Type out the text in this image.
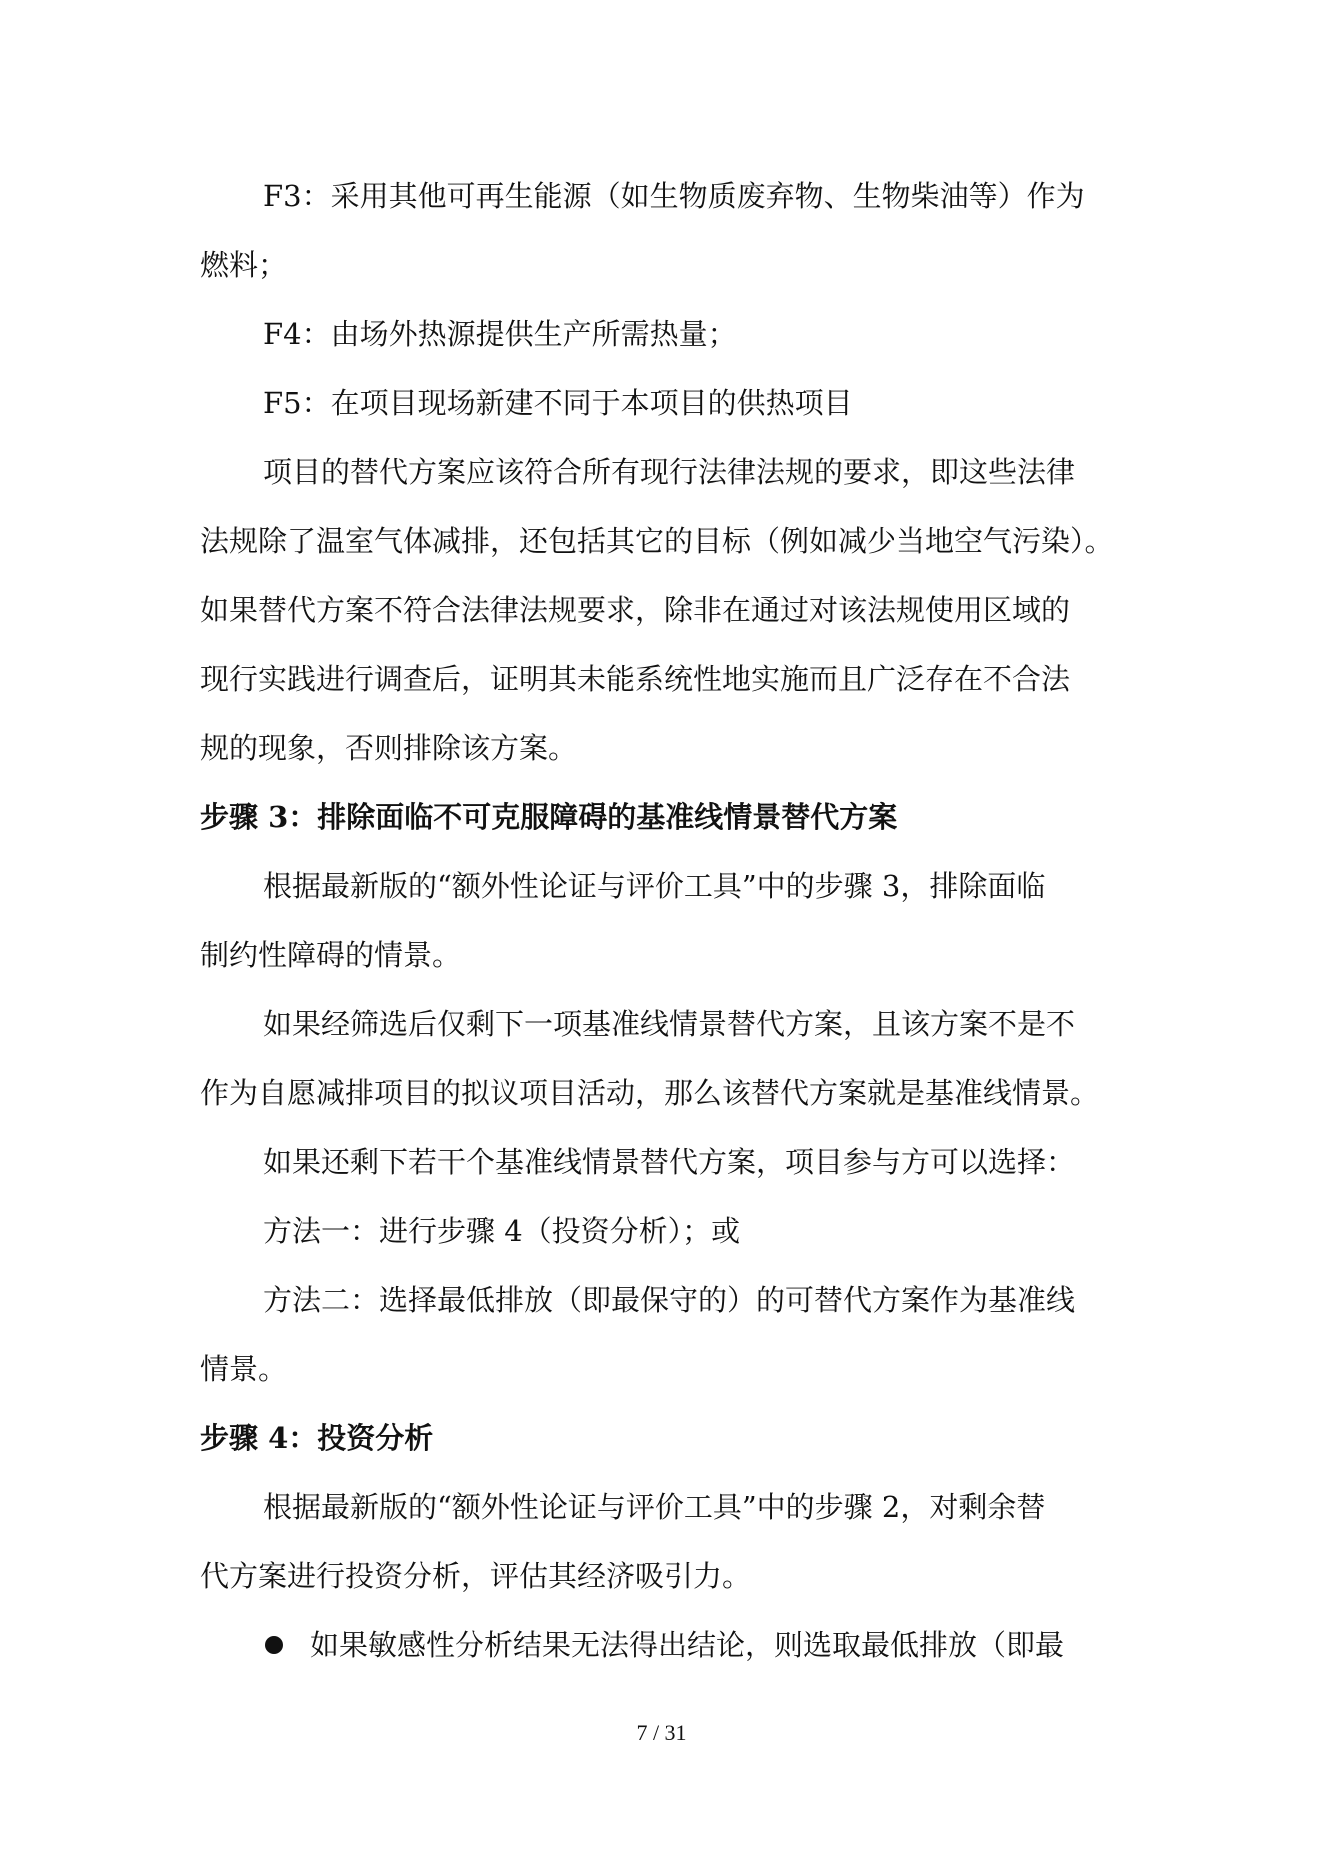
F3：采用其他可再生能源（如生物质废弃物、生物柴油等）作为
燃料；
F4：由场外热源提供生产所需热量；
F5：在项目现场新建不同于本项目的供热项目
项目的替代方案应该符合所有现行法律法规的要求，即这些法律
法规除了温室气体减排，还包括其它的目标（例如减少当地空气污染）。
如果替代方案不符合法律法规要求，除非在通过对该法规使用区域的
现行实践进行调查后，证明其未能系统性地实施而且广泛存在不合法
规的现象，否则排除该方案。
步骤 3：排除面临不可克服障碍的基准线情景替代方案
根据最新版的“额外性论证与评价工具”中的步骤 3，排除面临
制约性障碍的情景。
如果经筛选后仅剩下一项基准线情景替代方案，且该方案不是不
作为自愿减排项目的拟议项目活动，那么该替代方案就是基准线情景。
如果还剩下若干个基准线情景替代方案，项目参与方可以选择：
方法一：进行步骤 4（投资分析）；或
方法二：选择最低排放（即最保守的）的可替代方案作为基准线
情景。
步骤 4：投资分析
根据最新版的“额外性论证与评价工具”中的步骤 2，对剩余替
代方案进行投资分析，评估其经济吸引力。
如果敏感性分析结果无法得出结论，则选取最低排放（即最
7 / 31
